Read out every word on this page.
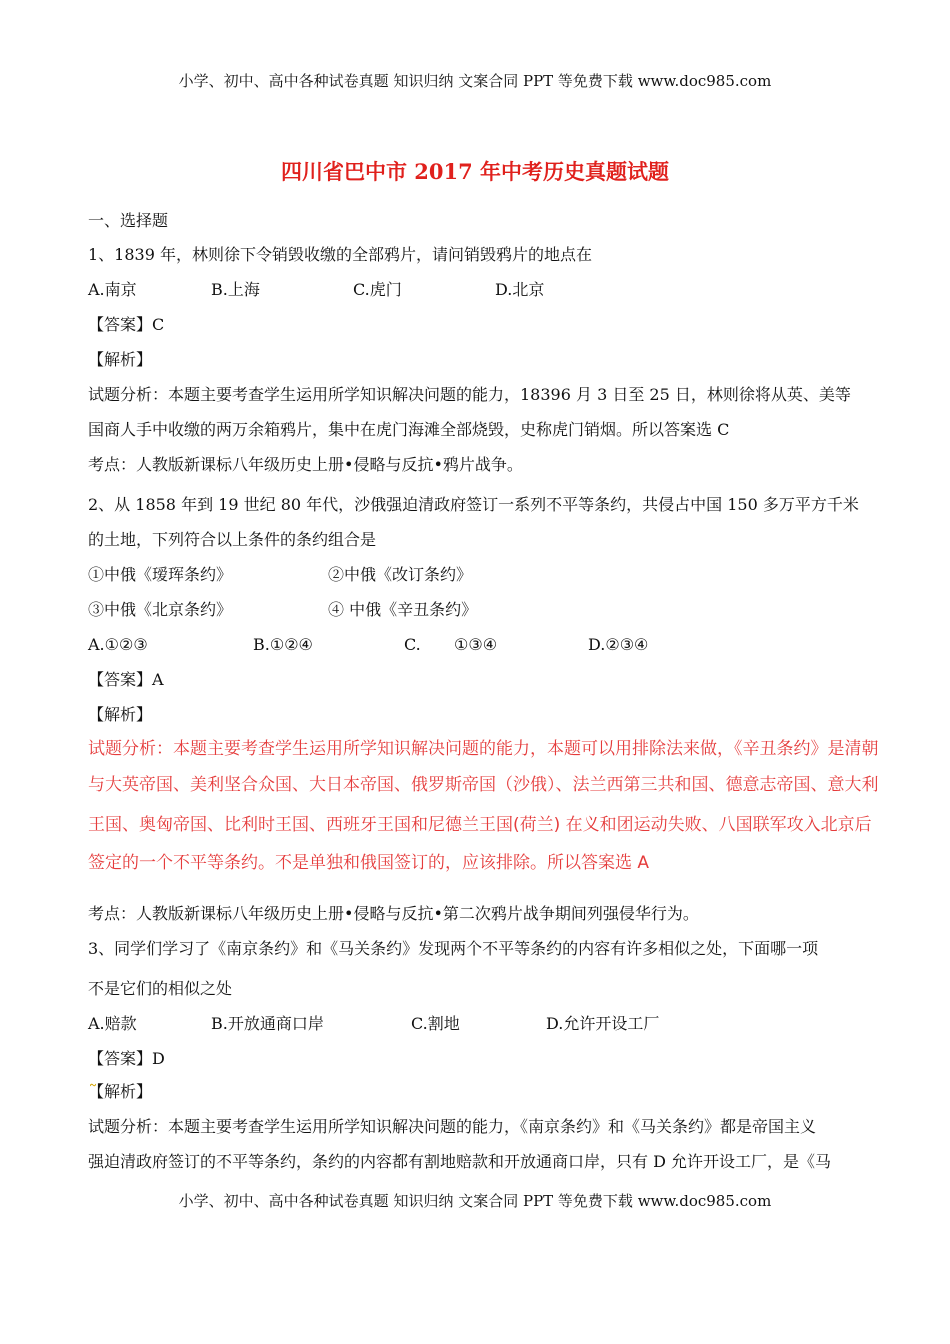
小学、初中、高中各种试卷真题 知识归纳 文案合同 PPT 等免费下载 www.doc985.com
四川省巴中市 2017 年中考历史真题试题
一、选择题
1、1839 年，林则徐下令销毁收缴的全部鸦片，请问销毁鸦片的地点在
A.南京	B.上海	C.虎门	D.北京
【答案】C
【解析】
试题分析：本题主要考查学生运用所学知识解决问题的能力，18396 月 3 日至 25 日，林则徐将从英、美等
国商人手中收缴的两万余箱鸦片，集中在虎门海滩全部烧毁，史称虎门销烟。所以答案选 C
考点：人教版新课标八年级历史上册•侵略与反抗•鸦片战争。
2、从 1858 年到 19 世纪 80 年代，沙俄强迫清政府签订一系列不平等条约，共侵占中国 150 多万平方千米
的土地，下列符合以上条件的条约组合是
①中俄《瑷珲条约》	②中俄《改订条约》
③中俄《北京条约》	④ 中俄《辛丑条约》
A.①②③	B.①②④	C. ①③④	D.②③④
【答案】A
【解析】
试题分析：本题主要考查学生运用所学知识解决问题的能力，本题可以用排除法来做，《辛丑条约》是清朝
与大英帝国、美利坚合众国、大日本帝国、俄罗斯帝国（沙俄）、法兰西第三共和国、德意志帝国、意大利
王国、奥匈帝国、比利时王国、西班牙王国和尼德兰王国(荷兰) 在义和团运动失败、八国联军攻入北京后
签定的一个不平等条约。不是单独和俄国签订的，应该排除。所以答案选 A
考点：人教版新课标八年级历史上册•侵略与反抗•第二次鸦片战争期间列强侵华行为。
3、同学们学习了《南京条约》和《马关条约》发现两个不平等条约的内容有许多相似之处，下面哪一项
不是它们的相似之处
A.赔款	B.开放通商口岸	C.割地	D.允许开设工厂
【答案】D
【解析】
试题分析：本题主要考查学生运用所学知识解决问题的能力，《南京条约》和《马关条约》都是帝国主义
强迫清政府签订的不平等条约，条约的内容都有割地赔款和开放通商口岸，只有 D 允许开设工厂，是《马
小学、初中、高中各种试卷真题 知识归纳 文案合同 PPT 等免费下载 www.doc985.com
